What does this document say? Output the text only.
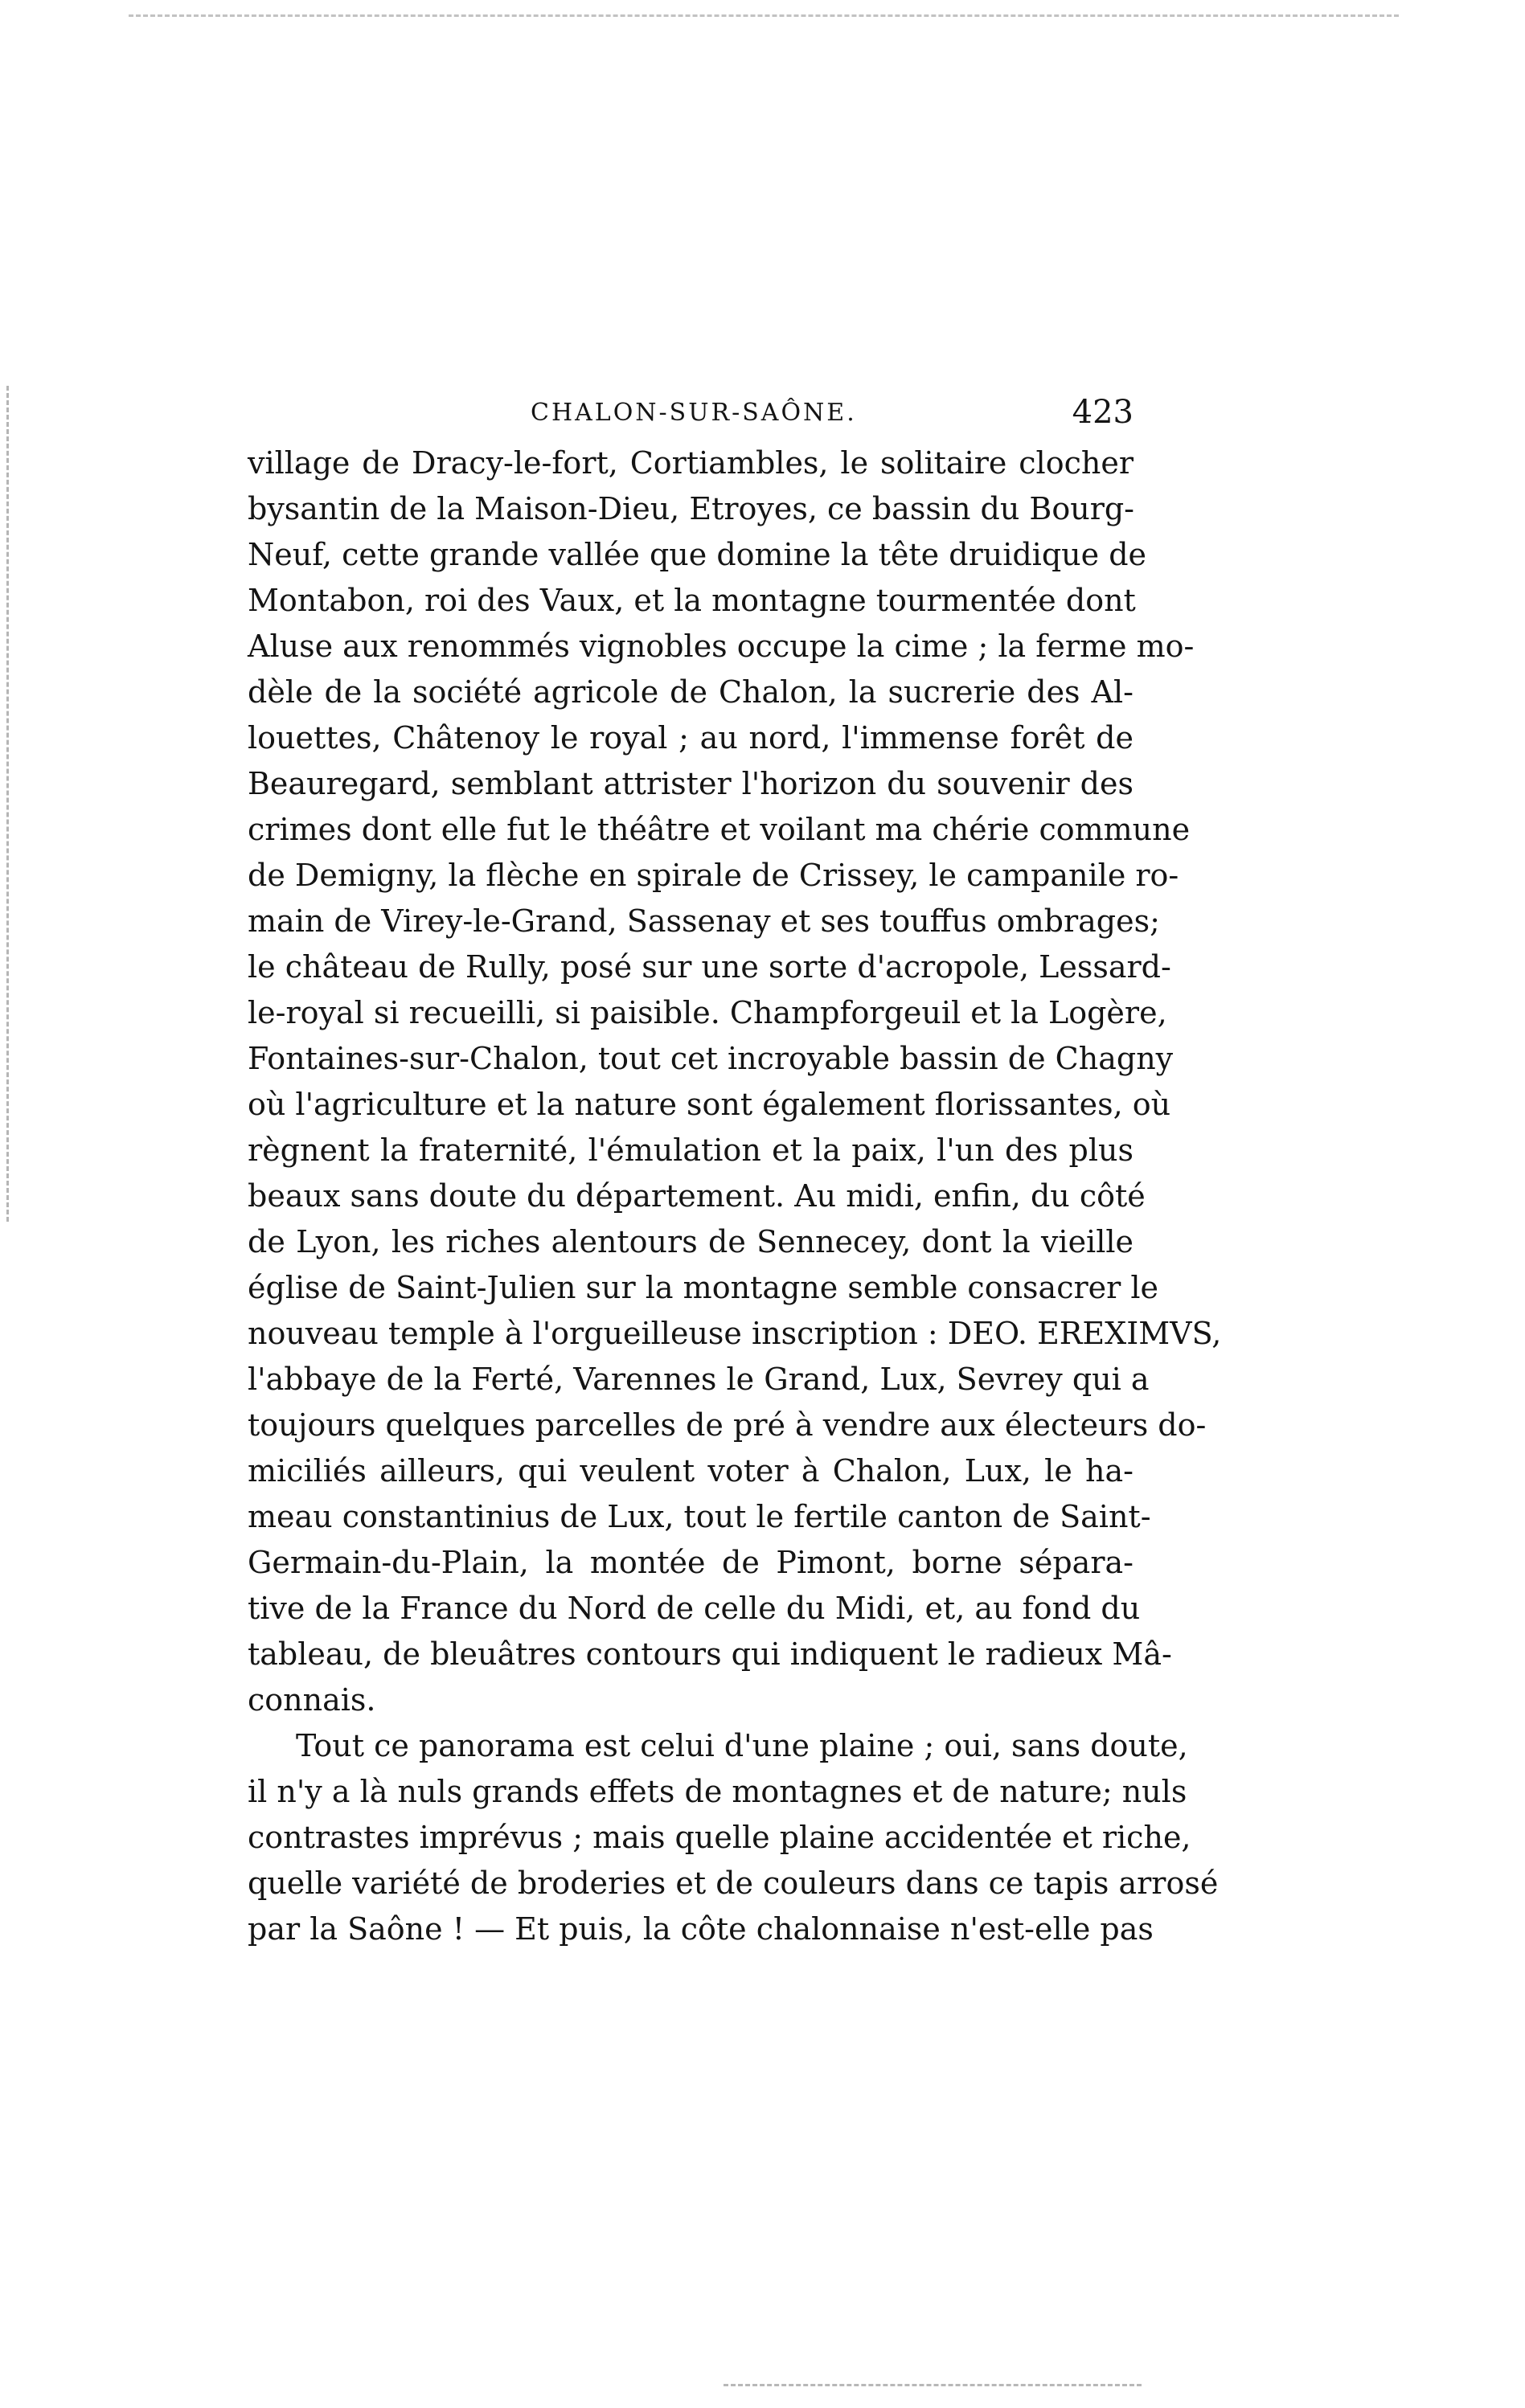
CHALON-SUR-SAÔNE.	423
village de Dracy-le-fort, Cortiambles, le solitaire clocher
bysantin de la Maison-Dieu, Etroyes, ce bassin du Bourg-
Neuf, cette grande vallée que domine la tête druidique de
Montabon, roi des Vaux, et la montagne tourmentée dont
Aluse aux renommés vignobles occupe la cime ; la ferme mo-
dèle de la société agricole de Chalon, la sucrerie des Al-
louettes, Châtenoy le royal ; au nord, l'immense forêt de
Beauregard, semblant attrister l'horizon du souvenir des
crimes dont elle fut le théâtre et voilant ma chérie commune
de Demigny, la flèche en spirale de Crissey, le campanile ro-
main de Virey-le-Grand, Sassenay et ses touffus ombrages;
le château de Rully, posé sur une sorte d'acropole, Lessard-
le-royal si recueilli, si paisible. Champforgeuil et la Logère,
Fontaines-sur-Chalon, tout cet incroyable bassin de Chagny
où l'agriculture et la nature sont également florissantes, où
règnent la fraternité, l'émulation et la paix, l'un des plus
beaux sans doute du département. Au midi, enfin, du côté
de Lyon, les riches alentours de Sennecey, dont la vieille
église de Saint-Julien sur la montagne semble consacrer le
nouveau temple à l'orgueilleuse inscription : DEO. EREXIMVS,
l'abbaye de la Ferté, Varennes le Grand, Lux, Sevrey qui a
toujours quelques parcelles de pré à vendre aux électeurs do-
miciliés ailleurs, qui veulent voter à Chalon, Lux, le ha-
meau constantinius de Lux, tout le fertile canton de Saint-
Germain-du-Plain, la montée de Pimont, borne sépara-
tive de la France du Nord de celle du Midi, et, au fond du
tableau, de bleuâtres contours qui indiquent le radieux Mâ-
connais.
Tout ce panorama est celui d'une plaine ; oui, sans doute,
il n'y a là nuls grands effets de montagnes et de nature; nuls
contrastes imprévus ; mais quelle plaine accidentée et riche,
quelle variété de broderies et de couleurs dans ce tapis arrosé
par la Saône ! — Et puis, la côte chalonnaise n'est-elle pas
